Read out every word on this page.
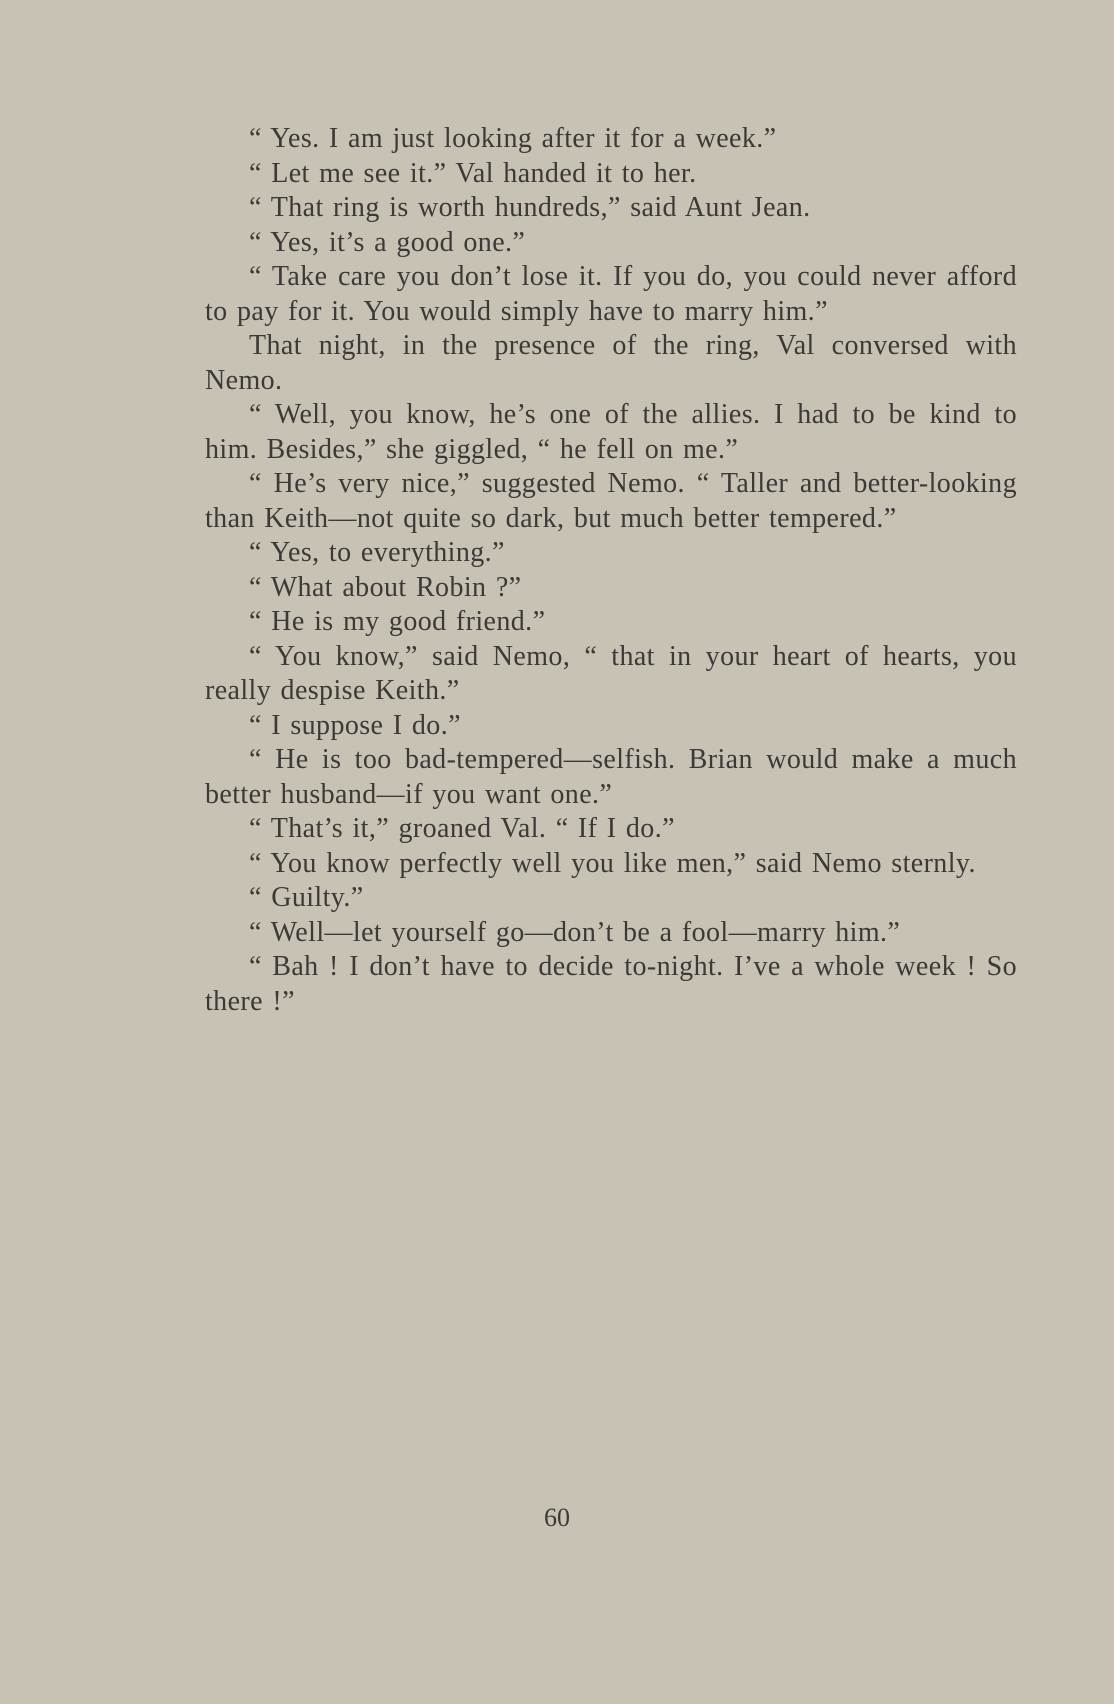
“ Yes. I am just looking after it for a week.”

“ Let me see it.” Val handed it to her.

“ That ring is worth hundreds,” said Aunt Jean.

“ Yes, it’s a good one.”

“ Take care you don’t lose it. If you do, you could never afford to pay for it. You would simply have to marry him.”

That night, in the presence of the ring, Val conversed with Nemo.

“ Well, you know, he’s one of the allies. I had to be kind to him. Besides,” she giggled, “ he fell on me.”

“ He’s very nice,” suggested Nemo. “ Taller and better-looking than Keith—not quite so dark, but much better tempered.”

“ Yes, to everything.”

“ What about Robin ?”

“ He is my good friend.”

“ You know,” said Nemo, “ that in your heart of hearts, you really despise Keith.”

“ I suppose I do.”

“ He is too bad-tempered—selfish. Brian would make a much better husband—if you want one.”

“ That’s it,” groaned Val. “ If I do.”

“ You know perfectly well you like men,” said Nemo sternly.

“ Guilty.”

“ Well—let yourself go—don’t be a fool—marry him.”

“ Bah ! I don’t have to decide to-night. I’ve a whole week ! So there !”

60
